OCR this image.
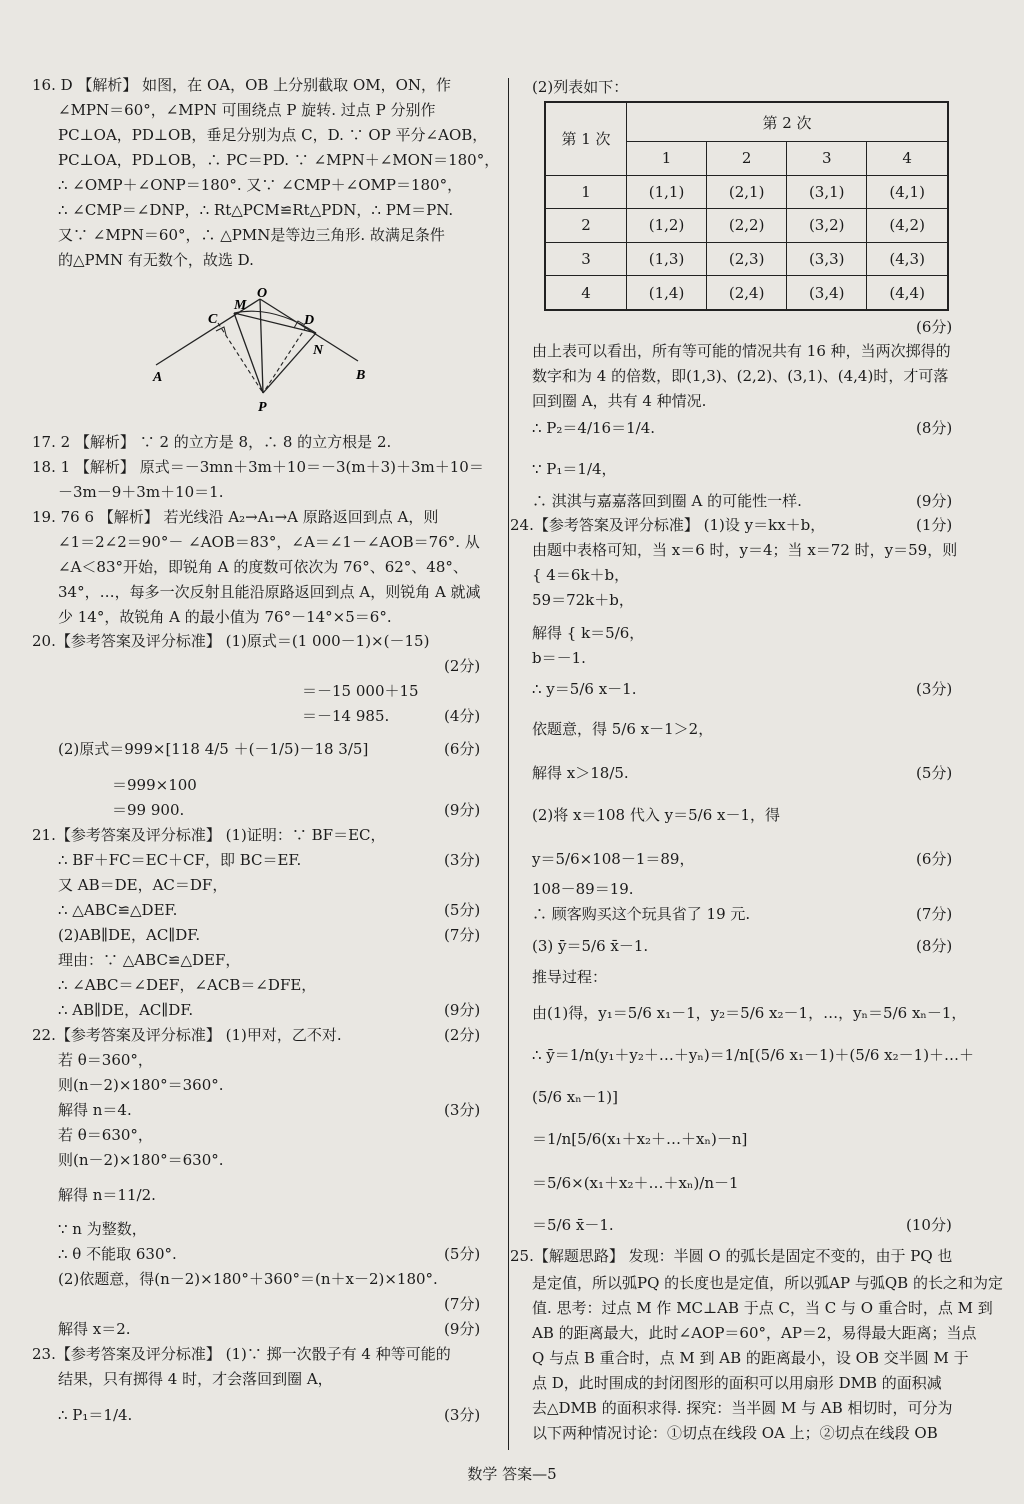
16. D 【解析】 如图，在 OA，OB 上分别截取 OM，ON，作
∠MPN＝60°，∠MPN 可围绕点 P 旋转. 过点 P 分别作
PC⊥OA，PD⊥OB，垂足分别为点 C，D. ∵ OP 平分∠AOB，
PC⊥OA，PD⊥OB，∴ PC＝PD. ∵ ∠MPN＋∠MON＝180°，
∴ ∠OMP＋∠ONP＝180°. 又∵ ∠CMP＋∠OMP＝180°，
∴ ∠CMP＝∠DNP，∴ Rt△PCM≌Rt△PDN，∴ PM＝PN.
又∵ ∠MPN＝60°，∴ △PMN是等边三角形. 故满足条件
的△PMN 有无数个，故选 D.
O
M
C	D
N
A	B
P
17. 2 【解析】 ∵ 2 的立方是 8，∴ 8 的立方根是 2.
18. 1 【解析】 原式＝－3mn＋3m＋10＝－3(m＋3)＋3m＋10＝
－3m－9＋3m＋10＝1.
19. 76 6 【解析】 若光线沿 A₂→A₁→A 原路返回到点 A，则
∠1＝2∠2＝90°－ ∠AOB＝83°，∠A＝∠1－∠AOB＝76°. 从
∠A＜83°开始，即锐角 A 的度数可依次为 76°、62°、48°、
34°，…，每多一次反射且能沿原路返回到点 A，则锐角 A 就减
少 14°，故锐角 A 的最小值为 76°－14°×5＝6°.
20.【参考答案及评分标准】 (1)原式＝(1 000－1)×(－15)
(2分)
＝－15 000＋15
＝－14 985.	(4分)
(2)原式＝999×[118 4/5 ＋(－1/5)－18 3/5]	(6分)
＝999×100
＝99 900.	(9分)
21.【参考答案及评分标准】 (1)证明：∵ BF＝EC，
∴ BF＋FC＝EC＋CF，即 BC＝EF.	(3分)
又 AB＝DE，AC＝DF，
∴ △ABC≌△DEF.	(5分)
(2)AB∥DE，AC∥DF.	(7分)
理由：∵ △ABC≌△DEF，
∴ ∠ABC＝∠DEF，∠ACB＝∠DFE，
∴ AB∥DE，AC∥DF.	(9分)
22.【参考答案及评分标准】 (1)甲对，乙不对.	(2分)
若 θ＝360°，
则(n－2)×180°＝360°.
解得 n＝4.	(3分)
若 θ＝630°，
则(n－2)×180°＝630°.
解得 n＝11/2.
∵ n 为整数，
∴ θ 不能取 630°.	(5分)
(2)依题意，得(n－2)×180°＋360°＝(n＋x－2)×180°.
(7分)
解得 x＝2.	(9分)
23.【参考答案及评分标准】 (1)∵ 掷一次骰子有 4 种等可能的
结果，只有掷得 4 时，才会落回到圈 A，
∴ P₁＝1/4.	(3分)
(2)列表如下：
第 1 次	第 2 次			
	1	2	3	4
1	(1,1)	(2,1)	(3,1)	(4,1)
2	(1,2)	(2,2)	(3,2)	(4,2)
3	(1,3)	(2,3)	(3,3)	(4,3)
4	(1,4)	(2,4)	(3,4)	(4,4)
(6分)
由上表可以看出，所有等可能的情况共有 16 种，当两次掷得的
数字和为 4 的倍数，即(1,3)、(2,2)、(3,1)、(4,4)时，才可落
回到圈 A，共有 4 种情况.
∴ P₂＝4/16＝1/4.	(8分)
∵ P₁＝1/4，
∴ 淇淇与嘉嘉落回到圈 A 的可能性一样.	(9分)
24.【参考答案及评分标准】 (1)设 y＝kx＋b，	(1分)
由题中表格可知，当 x＝6 时，y＝4；当 x＝72 时，y＝59，则
{ 4＝6k＋b，
59＝72k＋b，
解得 { k＝5/6，
b＝－1.
∴ y＝5/6 x－1.	(3分)
依题意，得 5/6 x－1＞2，
解得 x＞18/5.	(5分)
(2)将 x＝108 代入 y＝5/6 x－1，得
y＝5/6×108－1＝89，	(6分)
108－89＝19.
∴ 顾客购买这个玩具省了 19 元.	(7分)
(3) ȳ＝5/6 x̄－1.	(8分)
推导过程：
由(1)得，y₁＝5/6 x₁－1，y₂＝5/6 x₂－1，…，yₙ＝5/6 xₙ－1，
∴ ȳ＝1/n(y₁＋y₂＋…＋yₙ)＝1/n[(5/6 x₁－1)＋(5/6 x₂－1)＋…＋
(5/6 xₙ－1)]
＝1/n[5/6(x₁＋x₂＋…＋xₙ)－n]
＝5/6×(x₁＋x₂＋…＋xₙ)/n－1
＝5/6 x̄－1.	(10分)
25.【解题思路】 发现：半圆 O 的弧长是固定不变的，由于 PQ 也
是定值，所以弧PQ 的长度也是定值，所以弧AP 与弧QB 的长之和为定
值. 思考：过点 M 作 MC⊥AB 于点 C，当 C 与 O 重合时，点 M 到
AB 的距离最大，此时∠AOP＝60°，AP＝2，易得最大距离；当点
Q 与点 B 重合时，点 M 到 AB 的距离最小，设 OB 交半圆 M 于
点 D，此时围成的封闭图形的面积可以用扇形 DMB 的面积减
去△DMB 的面积求得. 探究：当半圆 M 与 AB 相切时，可分为
以下两种情况讨论：①切点在线段 OA 上；②切点在线段 OB
数学 答案—5
